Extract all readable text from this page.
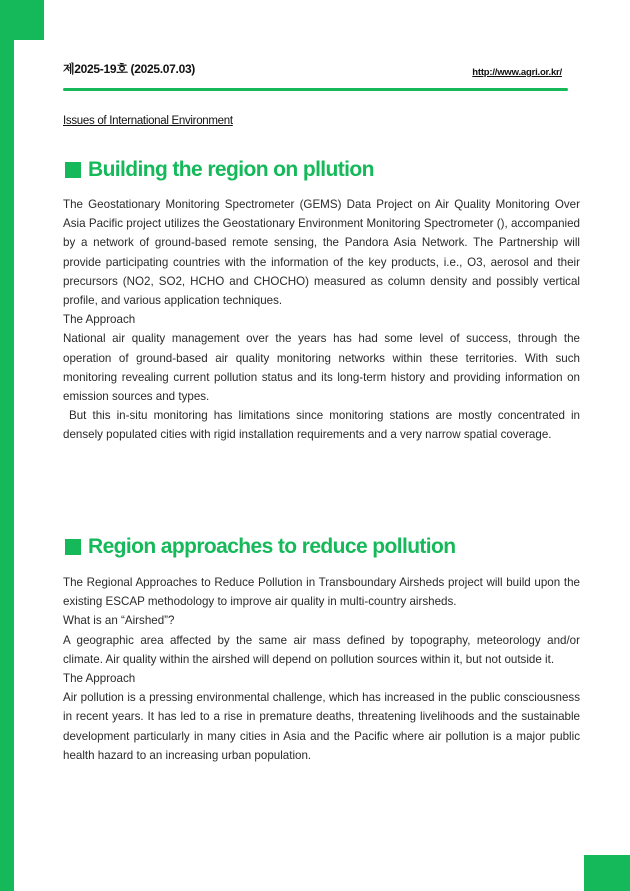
제2025-19호 (2025.07.03)	http://www.agri.or.kr/
Issues of International Environment
Building the region on pllution

The Geostationary Monitoring Spectrometer (GEMS) Data Project on Air Quality Monitoring Over Asia Pacific project utilizes the Geostationary Environment Monitoring Spectrometer (), accompanied by a network of ground-based remote sensing, the Pandora Asia Network. The Partnership will provide participating countries with the information of the key products, i.e., O3, aerosol and their precursors (NO2, SO2, HCHO and CHOCHO) measured as column density and possibly vertical profile, and various application techniques.

The Approach

National air quality management over the years has had some level of success, through the operation of ground-based air quality monitoring networks within these territories. With such monitoring revealing current pollution status and its long-term history and providing information on emission sources and types.

But this in-situ monitoring has limitations since monitoring stations are mostly concentrated in densely populated cities with rigid installation requirements and a very narrow spatial coverage.

Region approaches to reduce pollution

The Regional Approaches to Reduce Pollution in Transboundary Airsheds project will build upon the existing ESCAP methodology to improve air quality in multi-country airsheds.

What is an “Airshed”?

A geographic area affected by the same air mass defined by topography, meteorology and/or climate. Air quality within the airshed will depend on pollution sources within it, but not outside it.

The Approach

Air pollution is a pressing environmental challenge, which has increased in the public consciousness in recent years. It has led to a rise in premature deaths, threatening livelihoods and the sustainable development particularly in many cities in Asia and the Pacific where air pollution is a major public health hazard to an increasing urban population.
